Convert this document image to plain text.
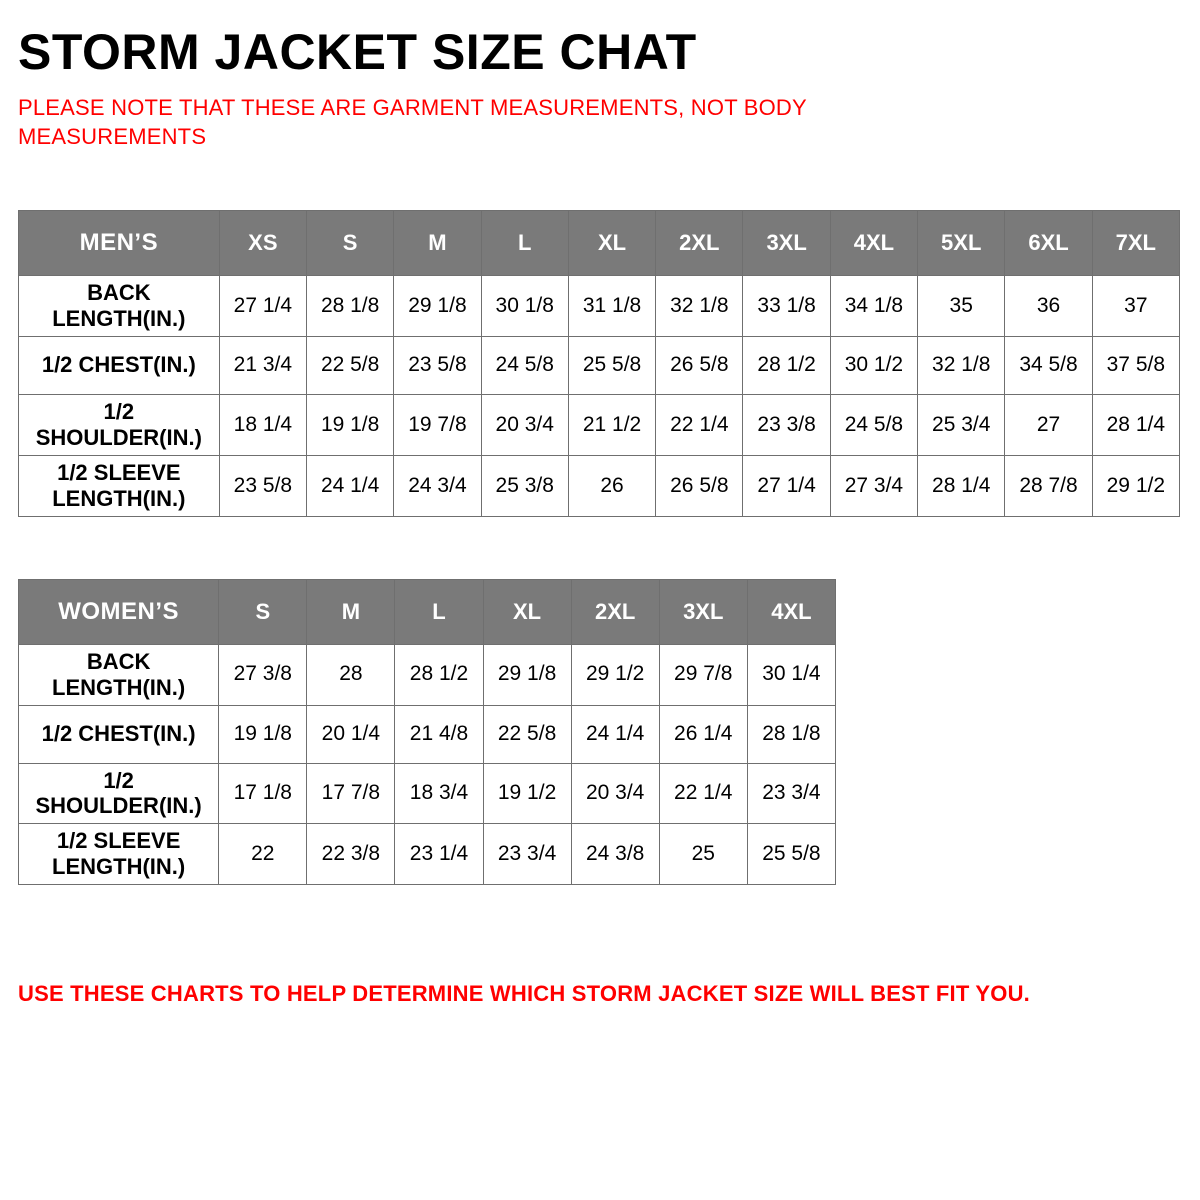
STORM JACKET SIZE CHAT

PLEASE NOTE THAT THESE ARE GARMENT MEASUREMENTS, NOT BODY MEASUREMENTS

MEN’S	XS	S	M	L	XL	2XL	3XL	4XL	5XL	6XL	7XL
BACK LENGTH(IN.)	27 1/4	28 1/8	29 1/8	30 1/8	31 1/8	32 1/8	33 1/8	34 1/8	35	36	37
1/2 CHEST(IN.)	21 3/4	22 5/8	23 5/8	24 5/8	25 5/8	26 5/8	28 1/2	30 1/2	32 1/8	34 5/8	37 5/8
1/2 SHOULDER(IN.)	18 1/4	19 1/8	19 7/8	20 3/4	21 1/2	22 1/4	23 3/8	24 5/8	25 3/4	27	28 1/4
1/2 SLEEVE LENGTH(IN.)	23 5/8	24 1/4	24 3/4	25 3/8	26	26 5/8	27 1/4	27 3/4	28 1/4	28 7/8	29 1/2
WOMEN’S	S	M	L	XL	2XL	3XL	4XL
BACK LENGTH(IN.)	27 3/8	28	28 1/2	29 1/8	29 1/2	29 7/8	30 1/4
1/2 CHEST(IN.)	19 1/8	20 1/4	21 4/8	22 5/8	24 1/4	26 1/4	28 1/8
1/2 SHOULDER(IN.)	17 1/8	17 7/8	18 3/4	19 1/2	20 3/4	22 1/4	23 3/4
1/2 SLEEVE LENGTH(IN.)	22	22 3/8	23 1/4	23 3/4	24 3/8	25	25 5/8

USE THESE CHARTS TO HELP DETERMINE WHICH STORM JACKET SIZE WILL BEST FIT YOU.
